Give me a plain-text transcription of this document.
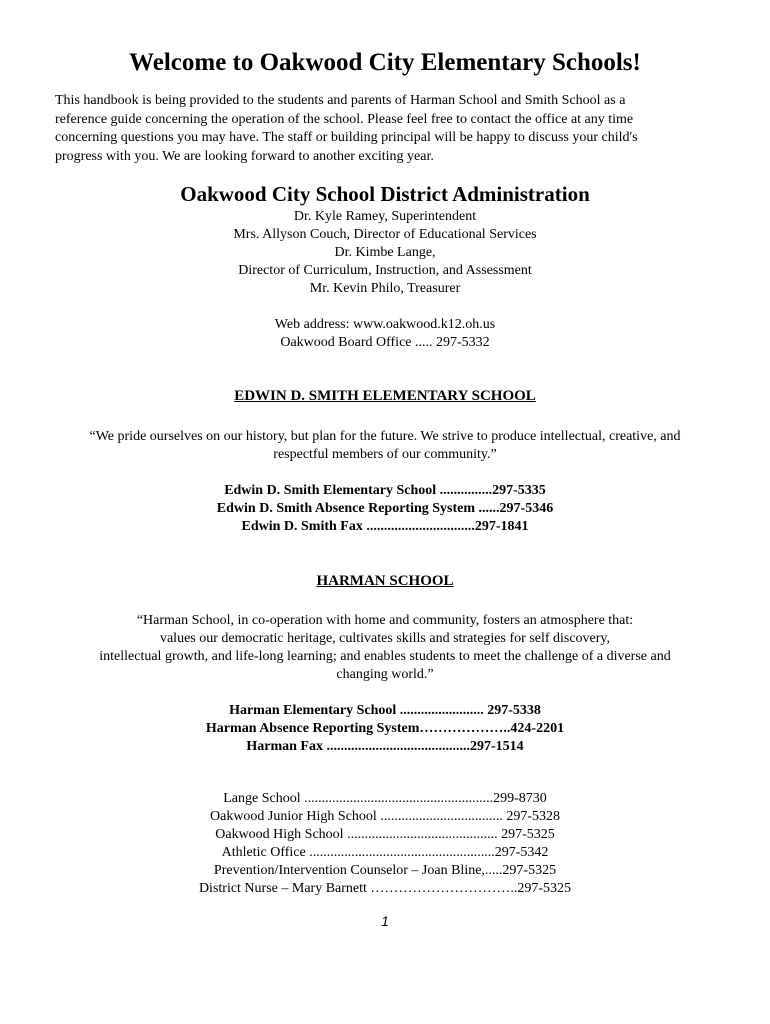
Welcome to Oakwood City Elementary Schools!
This handbook is being provided to the students and parents of Harman School and Smith School as a
reference guide concerning the operation of the school. Please feel free to contact the office at any time
concerning questions you may have. The staff or building principal will be happy to discuss your child's
progress with you. We are looking forward to another exciting year.
Oakwood City School District Administration
Dr. Kyle Ramey, Superintendent
Mrs. Allyson Couch, Director of Educational Services
Dr. Kimbe Lange,
Director of Curriculum, Instruction, and Assessment
Mr. Kevin Philo, Treasurer
Web address: www.oakwood.k12.oh.us
Oakwood Board Office ..... 297-5332
EDWIN D. SMITH ELEMENTARY SCHOOL
“We pride ourselves on our history, but plan for the future. We strive to produce intellectual, creative, and
respectful members of our community.”
Edwin D. Smith Elementary School ...............297-5335
Edwin D. Smith Absence Reporting System ......297-5346
Edwin D. Smith Fax ...............................297-1841
HARMAN SCHOOL
“Harman School, in co-operation with home and community, fosters an atmosphere that:
values our democratic heritage, cultivates skills and strategies for self discovery,
intellectual growth, and life-long learning; and enables students to meet the challenge of a diverse and
changing world.”
Harman Elementary School ........................ 297-5338
Harman Absence Reporting System………………..424-2201
Harman Fax .........................................297-1514
Lange School ......................................................299-8730
Oakwood Junior High School ................................... 297-5328
Oakwood High School ........................................... 297-5325
Athletic Office .....................................................297-5342
Prevention/Intervention Counselor – Joan Bline,.....297-5325
District Nurse – Mary Barnett …………………………..297-5325
1
